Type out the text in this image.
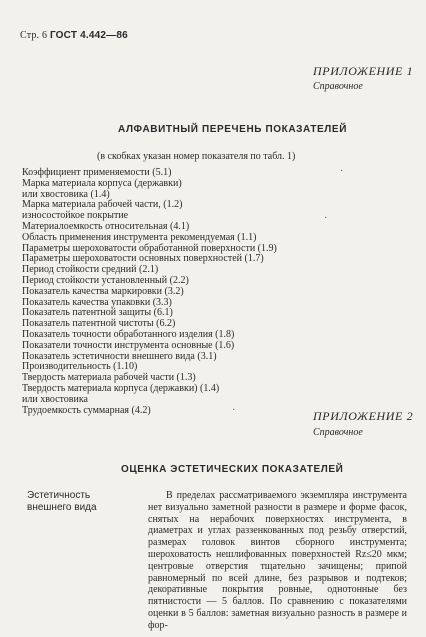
Стр. 6 ГОСТ 4.442—86
ПРИЛОЖЕНИЕ 1
Справочное
АЛФАВИТНЫЙ ПЕРЕЧЕНЬ ПОКАЗАТЕЛЕЙ
(в скобках указан номер показателя по табл. 1)
·
Коэффициент применяемости (5.1)
Марка материала корпуса (державки)
или хвостовика (1.4)
Марка материала рабочей части, (1.2)
износостойкое покрытие
Материалоемкость относительная (4.1)
Область применения инструмента рекомендуемая (1.1)
Параметры шероховатости обработанной поверхности (1.9)
Параметры шероховатости основных поверхностей (1.7)
Период стойкости средний (2.1)
Период стойкости установленный (2.2)
Показатель качества маркировки (3.2)
Показатель качества упаковки (3.3)
Показатель патентной защиты (6.1)
Показатель патентной чистоты (6.2)
Показатель точности обработанного изделия (1.8)
Показатели точности инструмента основные (1.6)
Показатель эстетичности внешнего вида (3.1)
Производительность (1.10)
Твердость материала рабочей части (1.3)
Твердость материала корпуса (державки) (1.4)
или хвостовика
Трудоемкость суммарная (4.2)
·
·	ПРИЛОЖЕНИЕ 2
Справочное
ОЦЕНКА ЭСТЕТИЧЕСКИХ ПОКАЗАТЕЛЕЙ
Эстетичность внешнего вида
В пределах рассматриваемого экземпляра инструмента нет визуально заметной разности в размере и форме фасок, снятых на нерабочих поверхностях инструмента, в диаметрах и углах раззенкованных под резьбу отверстий, размерах головок винтов сборного инструмента; шероховатость нешлифованных поверхностей Rz≤20 мкм; центровые отверстия тщательно зачищены; припой равномерный по всей длине, без разрывов и подтеков; декоративные покрытия ровные, однотонные без пятнистости — 5 баллов. По сравнению с показателями оценки в 5 баллов: заметная визуально разность в размере и фор-
